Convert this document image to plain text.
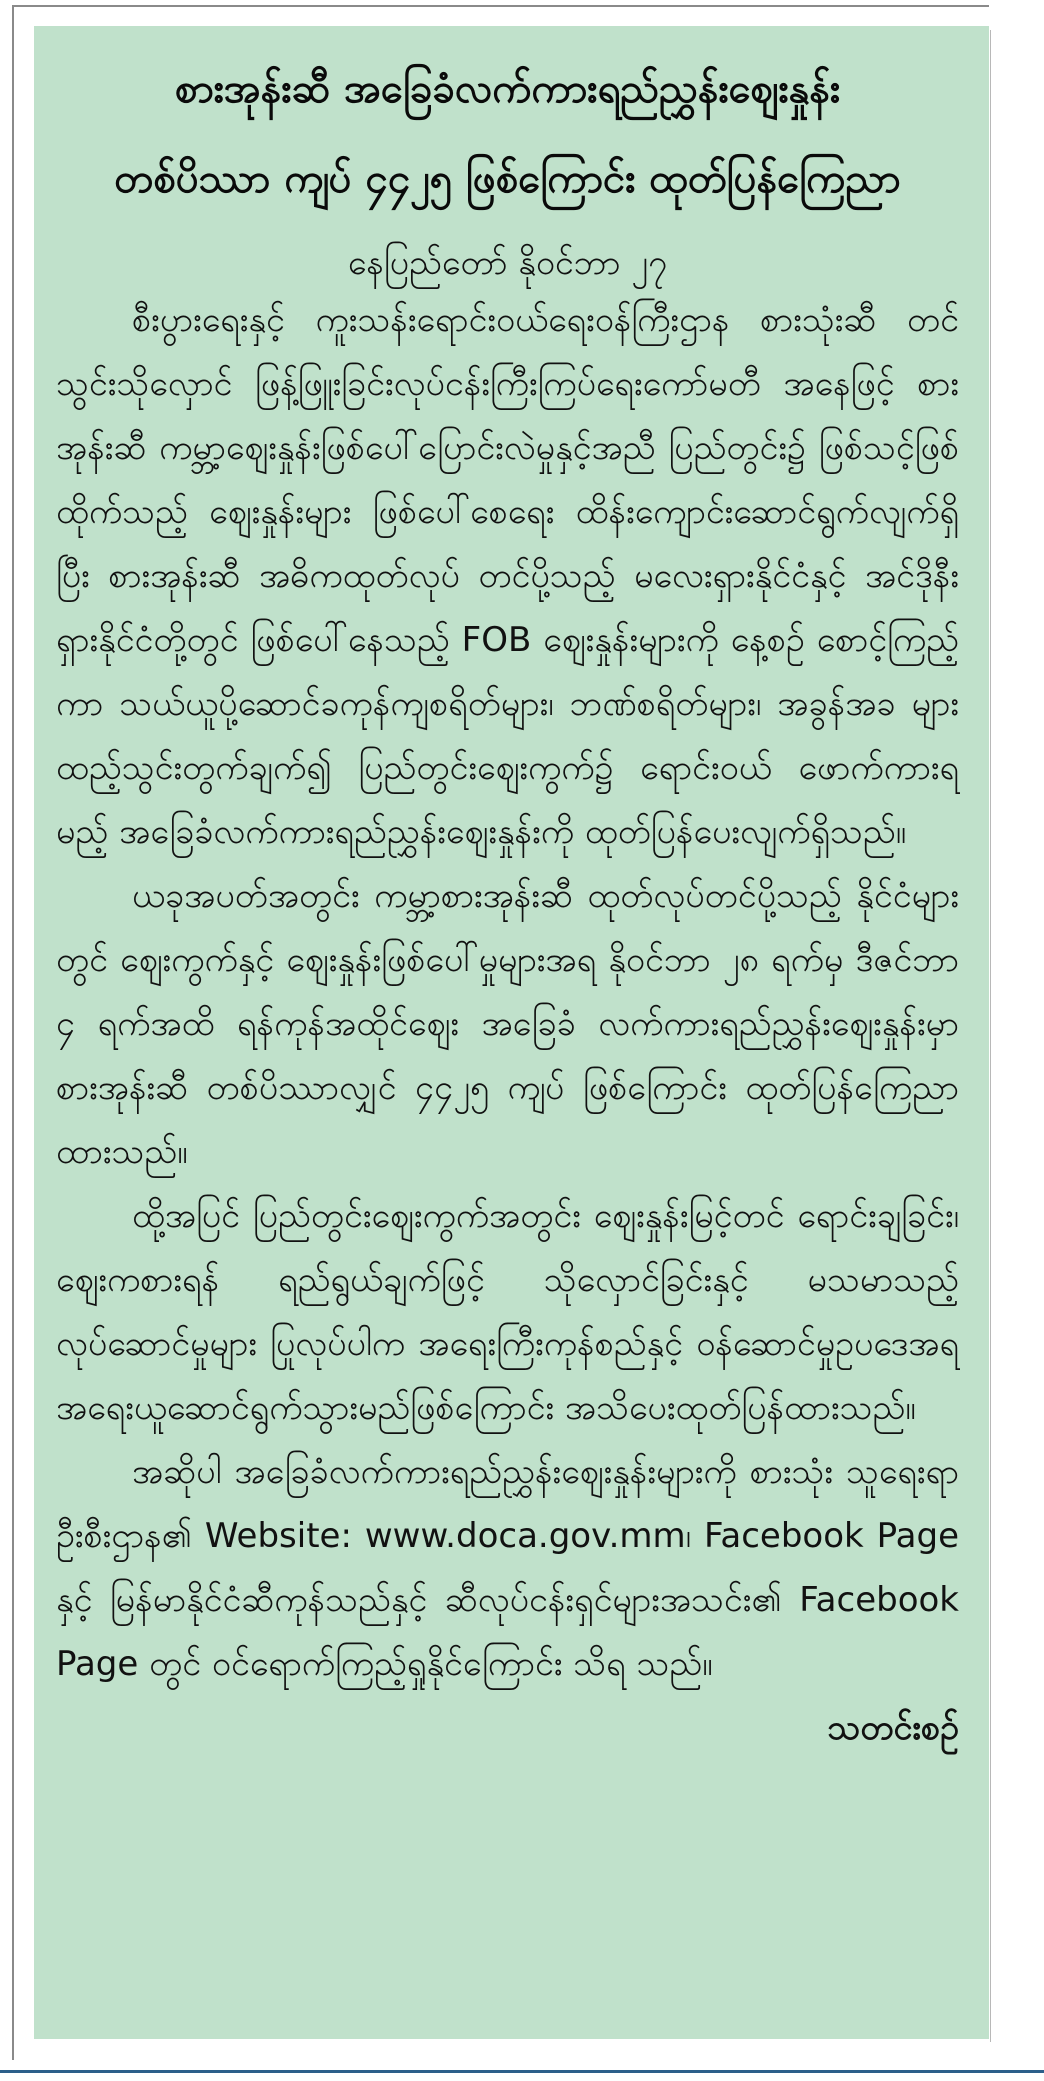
စားအုန်းဆီ အခြေခံလက်ကားရည်ညွှန်းဈေးနှုန်း
တစ်ပိဿာ ကျပ် ၄၄၂၅ ဖြစ်ကြောင်း ထုတ်ပြန်ကြေညာ

နေပြည်တော် နိုဝင်ဘာ ၂၇

စီးပွားရေးနှင့် ကူးသန်းရောင်းဝယ်ရေးဝန်ကြီးဌာန စားသုံးဆီ တင်သွင်းသိုလှောင် ဖြန့်ဖြူးခြင်းလုပ်ငန်းကြီးကြပ်ရေးကော်မတီ အနေဖြင့် စားအုန်းဆီ ကမ္ဘာ့ဈေးနှုန်းဖြစ်ပေါ်ပြောင်းလဲမှုနှင့်အညီ ပြည်တွင်း၌ ဖြစ်သင့်ဖြစ်ထိုက်သည့် ဈေးနှုန်းများ ဖြစ်ပေါ်စေရေး ထိန်းကျောင်းဆောင်ရွက်လျက်ရှိပြီး စားအုန်းဆီ အဓိကထုတ်လုပ် တင်ပို့သည့် မလေးရှားနိုင်ငံနှင့် အင်ဒိုနီးရှားနိုင်ငံတို့တွင် ဖြစ်ပေါ်နေသည့် FOB ဈေးနှုန်းများကို နေ့စဉ် စောင့်ကြည့်ကာ သယ်ယူပို့ဆောင်ခကုန်ကျစရိတ်များ၊ ဘဏ်စရိတ်များ၊ အခွန်အခ များ ထည့်သွင်းတွက်ချက်၍ ပြည်တွင်းဈေးကွက်၌ ရောင်းဝယ် ဖောက်ကားရမည့် အခြေခံလက်ကားရည်ညွှန်းဈေးနှုန်းကို ထုတ်ပြန်ပေးလျက်ရှိသည်။

ယခုအပတ်အတွင်း ကမ္ဘာ့စားအုန်းဆီ ထုတ်လုပ်တင်ပို့သည့် နိုင်ငံများတွင် ဈေးကွက်နှင့် ဈေးနှုန်းဖြစ်ပေါ်မှုများအရ နိုဝင်ဘာ ၂၈ ရက်မှ ဒီဇင်ဘာ ၄ ရက်အထိ ရန်ကုန်အထိုင်ဈေး အခြေခံ လက်ကားရည်ညွှန်းဈေးနှုန်းမှာ စားအုန်းဆီ တစ်ပိဿာလျှင် ၄၄၂၅ ကျပ် ဖြစ်ကြောင်း ထုတ်ပြန်ကြေညာထားသည်။

ထို့အပြင် ပြည်တွင်းဈေးကွက်အတွင်း ဈေးနှုန်းမြင့်တင် ရောင်းချခြင်း၊ ဈေးကစားရန် ရည်ရွယ်ချက်ဖြင့် သိုလှောင်ခြင်းနှင့် မသမာသည့် လုပ်ဆောင်မှုများ ပြုလုပ်ပါက အရေးကြီးကုန်စည်နှင့် ဝန်ဆောင်မှုဥပဒေအရ အရေးယူဆောင်ရွက်သွားမည်ဖြစ်ကြောင်း အသိပေးထုတ်ပြန်ထားသည်။

အဆိုပါ အခြေခံလက်ကားရည်ညွှန်းဈေးနှုန်းများကို စားသုံး သူရေးရာဦးစီးဌာန၏ Website: www.doca.gov.mm၊ Facebook Page နှင့် မြန်မာနိုင်ငံဆီကုန်သည်နှင့် ဆီလုပ်ငန်းရှင်များအသင်း၏ Facebook Page တွင် ဝင်ရောက်ကြည့်ရှုနိုင်ကြောင်း သိရ သည်။

သတင်းစဉ်
